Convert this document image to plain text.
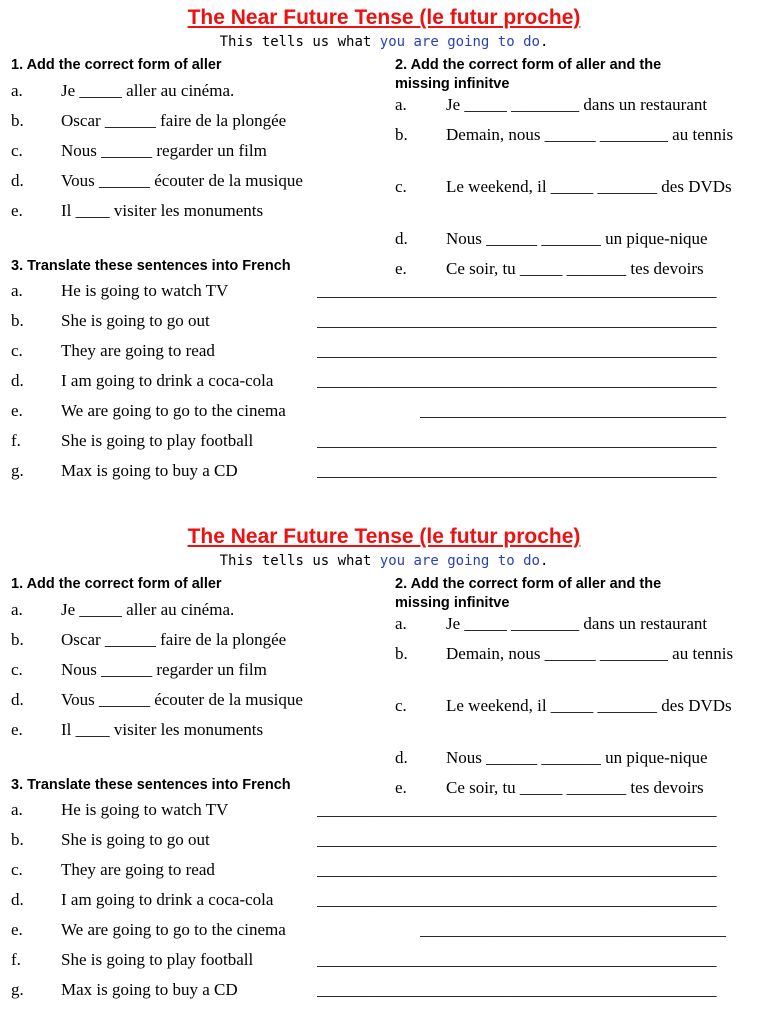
The Near Future Tense (le futur proche)
This tells us what you are going to do.
1. Add the correct form of aller
a. Je _____ aller au cinéma.
b. Oscar ______ faire de la plongée
c. Nous ______ regarder un film
d. Vous ______ écouter de la musique
e. Il ____ visiter les monuments
2. Add the correct form of aller and the
missing infinitve
a. Je _____ ________ dans un restaurant
b. Demain, nous ______ ________ au tennis
c. Le weekend, il _____ _______ des DVDs
d. Nous ______ _______ un pique-nique
e. Ce soir, tu _____ _______ tes devoirs
3. Translate these sentences into French
a. He is going to watch TV	_______________________________________________
b. She is going to go out	_______________________________________________
c. They are going to read	_______________________________________________
d. I am going to drink a coca-cola	_______________________________________________
e. We are going to go to the cinema	____________________________________
f. She is going to play football	_______________________________________________
g. Max is going to buy a CD	_______________________________________________
The Near Future Tense (le futur proche)
This tells us what you are going to do.
1. Add the correct form of aller
a. Je _____ aller au cinéma.
b. Oscar ______ faire de la plongée
c. Nous ______ regarder un film
d. Vous ______ écouter de la musique
e. Il ____ visiter les monuments
2. Add the correct form of aller and the
missing infinitve
a. Je _____ ________ dans un restaurant
b. Demain, nous ______ ________ au tennis
c. Le weekend, il _____ _______ des DVDs
d. Nous ______ _______ un pique-nique
e. Ce soir, tu _____ _______ tes devoirs
3. Translate these sentences into French
a. He is going to watch TV	_______________________________________________
b. She is going to go out	_______________________________________________
c. They are going to read	_______________________________________________
d. I am going to drink a coca-cola	_______________________________________________
e. We are going to go to the cinema	____________________________________
f. She is going to play football	_______________________________________________
g. Max is going to buy a CD	_______________________________________________
